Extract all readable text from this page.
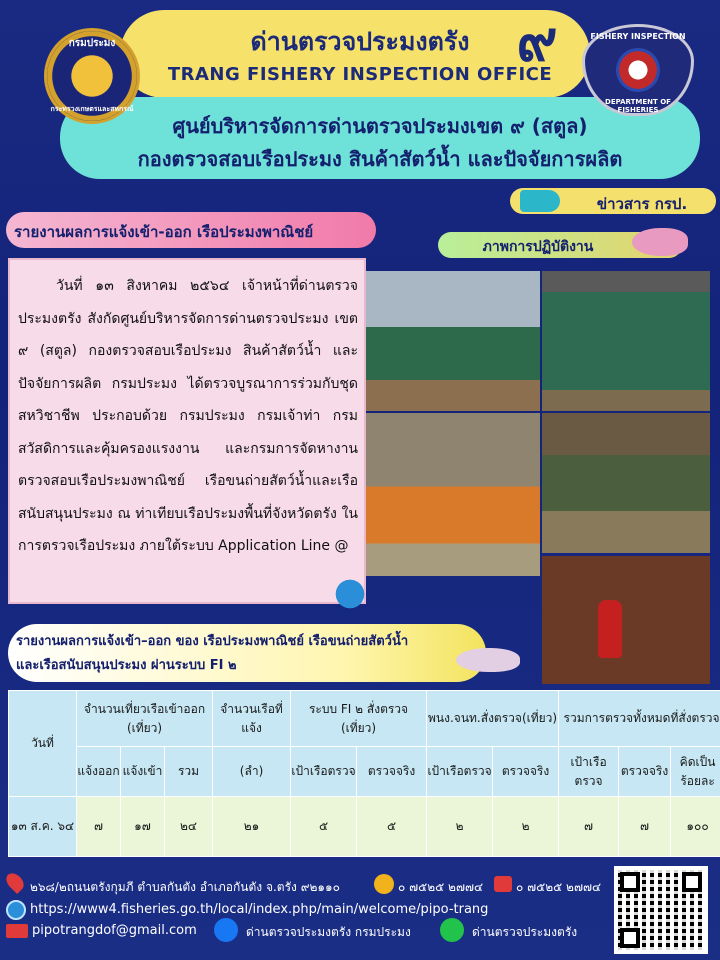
ด่านตรวจประมงตรัง
TRANG FISHERY INSPECTION OFFICE
๙
ศูนย์บริหารจัดการด่านตรวจประมงเขต ๙ (สตูล)
กองตรวจสอบเรือประมง สินค้าสัตว์น้ำ และปัจจัยการผลิต
กรมประมง
กระทรวงเกษตรและสหกรณ์
FISHERY INSPECTION
DEPARTMENT OF FISHERIES
ข่าวสาร กรป.
รายงานผลการแจ้งเข้า-ออก เรือประมงพาณิชย์

วันที่ ๑๓ สิงหาคม ๒๕๖๔ เจ้าหน้าที่ด่านตรวจประมงตรัง สังกัดศูนย์บริหารจัดการด่านตรวจประมง เขต ๙ (สตูล) กองตรวจสอบเรือประมง สินค้าสัตว์น้ำ และปัจจัยการผลิต กรมประมง ได้ตรวจบูรณาการร่วมกับชุดสหวิชาชีพ ประกอบด้วย กรมประมง กรมเจ้าท่า กรมสวัสดิการและคุ้มครองแรงงาน และกรมการจัดหางาน ตรวจสอบเรือประมงพาณิชย์ เรือขนถ่ายสัตว์น้ำและเรือสนับสนุนประมง ณ ท่าเทียบเรือประมงพื้นที่จังหวัดตรัง ในการตรวจเรือประมง ภายใต้ระบบ Application Line @

ภาพการปฏิบัติงาน
รายงานผลการแจ้งเข้า–ออก ของ เรือประมงพาณิชย์ เรือขนถ่ายสัตว์น้ำ
และเรือสนับสนุนประมง ผ่านระบบ FI ๒
วันที่	จำนวนเที่ยวเรือเข้าออก (เที่ยว)			จำนวนเรือที่แจ้ง	ระบบ FI ๒ สั่งตรวจ (เที่ยว)		พนง.จนท.สั่งตรวจ(เที่ยว)		รวมการตรวจทั้งหมดที่สั่งตรวจ		
	แจ้งออก	แจ้งเข้า	รวม	(ลำ)	เป้าเรือตรวจ	ตรวจจริง	เป้าเรือตรวจ	ตรวจจริง	เป้าเรือตรวจ	ตรวจจริง	คิดเป็นร้อยละ
๑๓ ส.ค. ๖๔	๗	๑๗	๒๔	๒๑	๕	๕	๒	๒	๗	๗	๑๐๐
๒๖๘/๒ถนนตรังกุมภี ตำบลกันตัง อำเภอกันตัง จ.ตรัง ๙๒๑๑๐	๐ ๗๕๒๕ ๒๗๗๔	๐ ๗๕๒๕ ๒๗๗๔
https://www4.fisheries.go.th/local/index.php/main/welcome/pipo-trang
pipotrangdof@gmail.com	ด่านตรวจประมงตรัง กรมประมง	ด่านตรวจประมงตรัง
